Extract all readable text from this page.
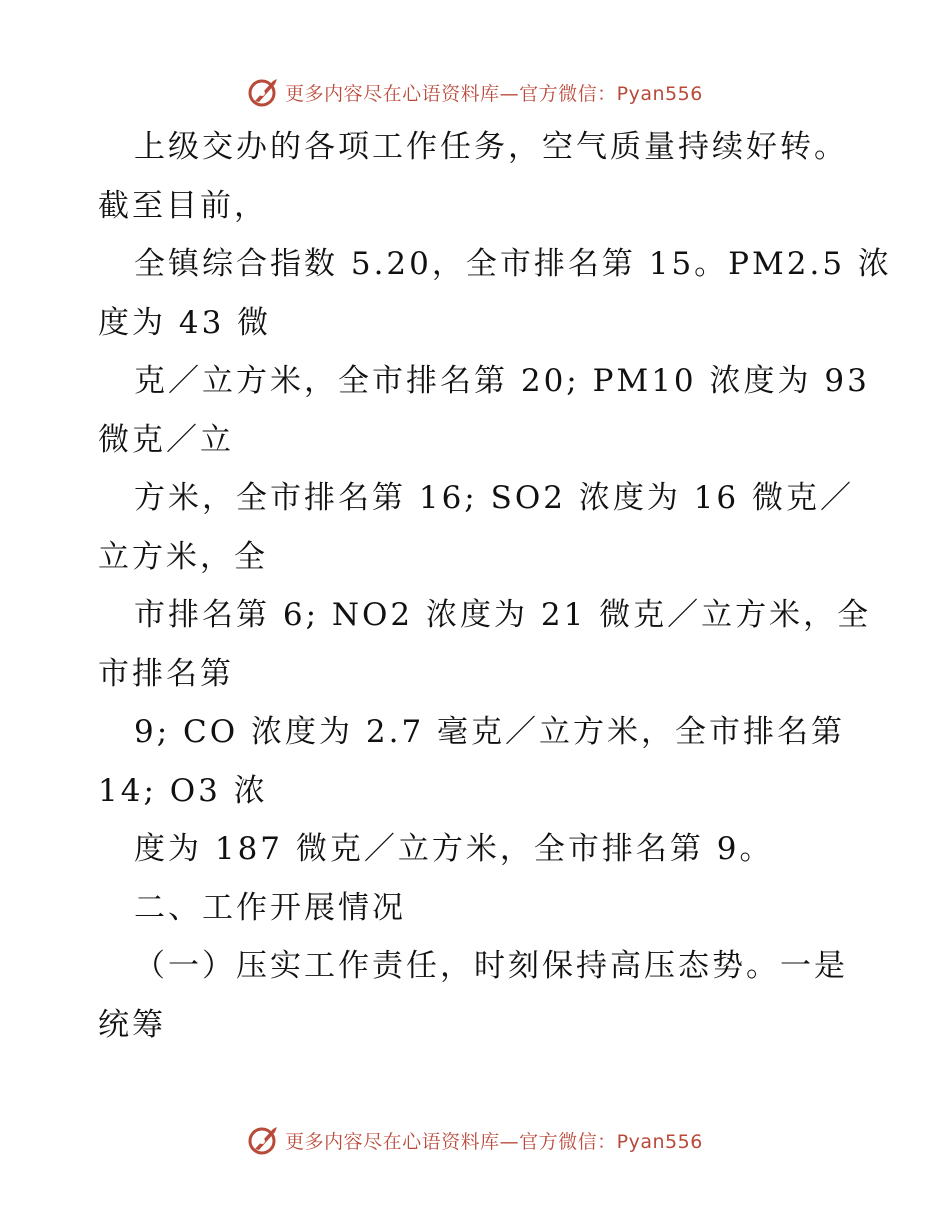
更多内容尽在心语资料库—官方微信：Pyan556
上级交办的各项工作任务，空气质量持续好转。
截至目前，
全镇综合指数 5.20，全市排名第 15。PM2.5 浓
度为 43 微
克／立方米，全市排名第 20; PM10 浓度为 93
微克／立
方米，全市排名第 16; SO2 浓度为 16 微克／
立方米，全
市排名第 6; NO2 浓度为 21 微克／立方米，全
市排名第
9; CO 浓度为 2.7 毫克／立方米，全市排名第
14; O3 浓
度为 187 微克／立方米，全市排名第 9。
二、工作开展情况
（一）压实工作责任，时刻保持高压态势。一是
统筹
更多内容尽在心语资料库—官方微信：Pyan556
